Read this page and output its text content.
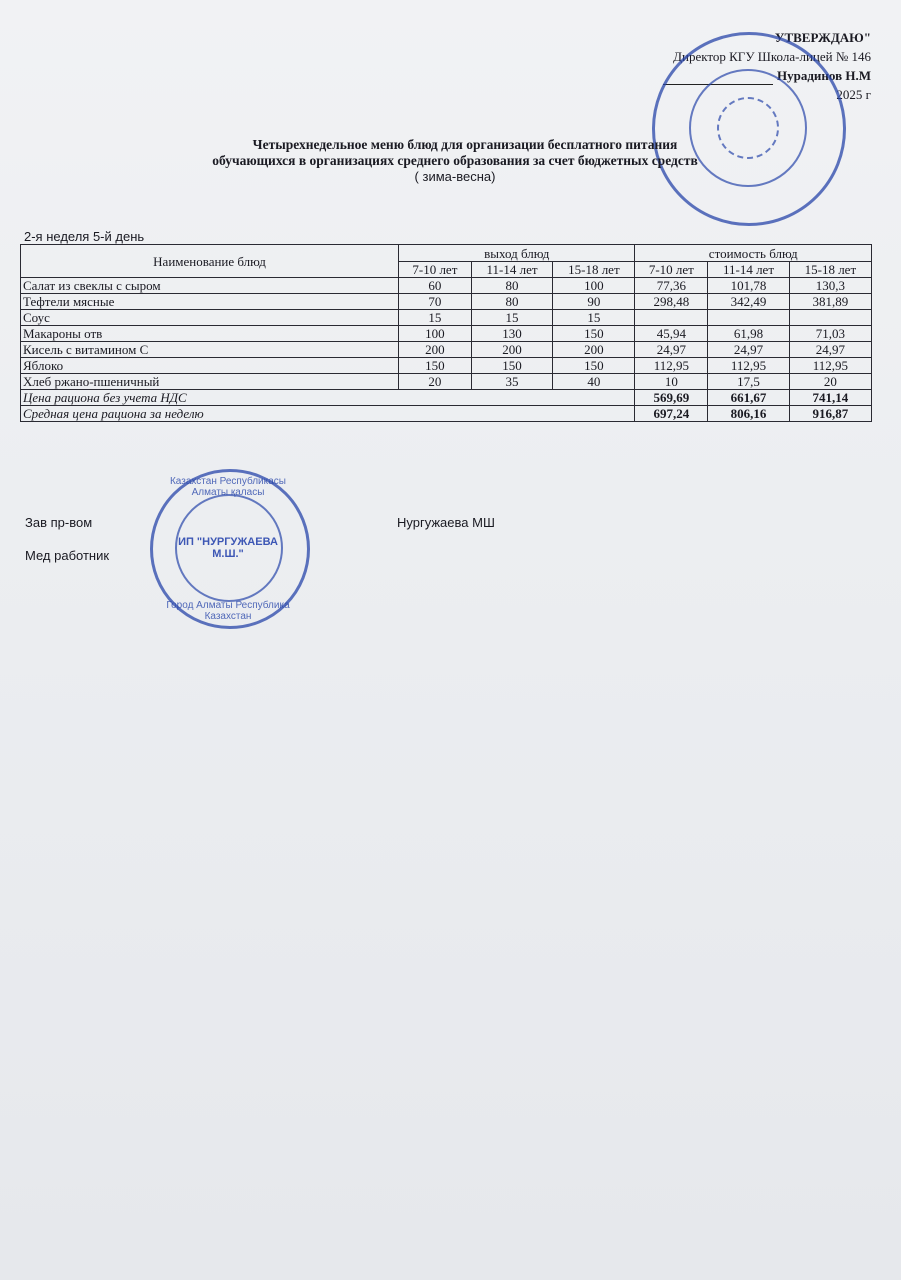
УТВЕРЖДАЮ"
Директор КГУ Школа-лицей № 146
Нурадинов Н.М
2025 г
Четырехнедельное меню блюд для организации бесплатного питания
обучающихся в организациях среднего образования за счет бюджетных средств
( зима-весна)
2-я неделя 5-й день
Наименование блюд	выход блюд			стоимость блюд		
	7-10 лет	11-14 лет	15-18 лет	7-10 лет	11-14 лет	15-18 лет
Салат из свеклы с сыром	60	80	100	77,36	101,78	130,3
Тефтели мясные	70	80	90	298,48	342,49	381,89
Соус	15	15	15			
Макароны отв	100	130	150	45,94	61,98	71,03
Кисель с витамином С	200	200	200	24,97	24,97	24,97
Яблоко	150	150	150	112,95	112,95	112,95
Хлеб ржано-пшеничный	20	35	40	10	17,5	20
Цена рациона без учета НДС				569,69	661,67	741,14
Средная цена рациона за неделю				697,24	806,16	916,87
Зав пр-вом	Нургужаева МШ
Мед работник
Казахстан Республикасы Алматы қаласы
ИП "НУРГУЖАЕВА М.Ш."
Город Алматы Республика Казахстан
